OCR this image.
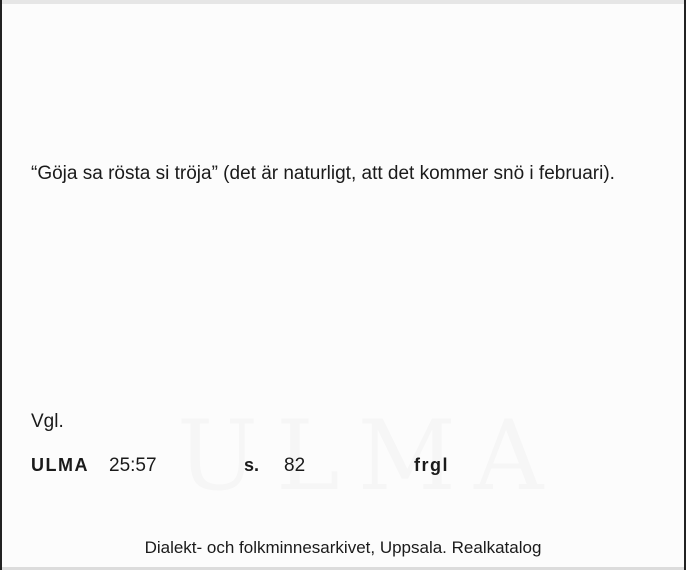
“Göja sa rösta si tröja” (det är naturligt, att det kommer snö i februari).
Vgl.
ULMA 25:57	s. 82	frgl
Dialekt- och folkminnesarkivet, Uppsala. Realkatalog
